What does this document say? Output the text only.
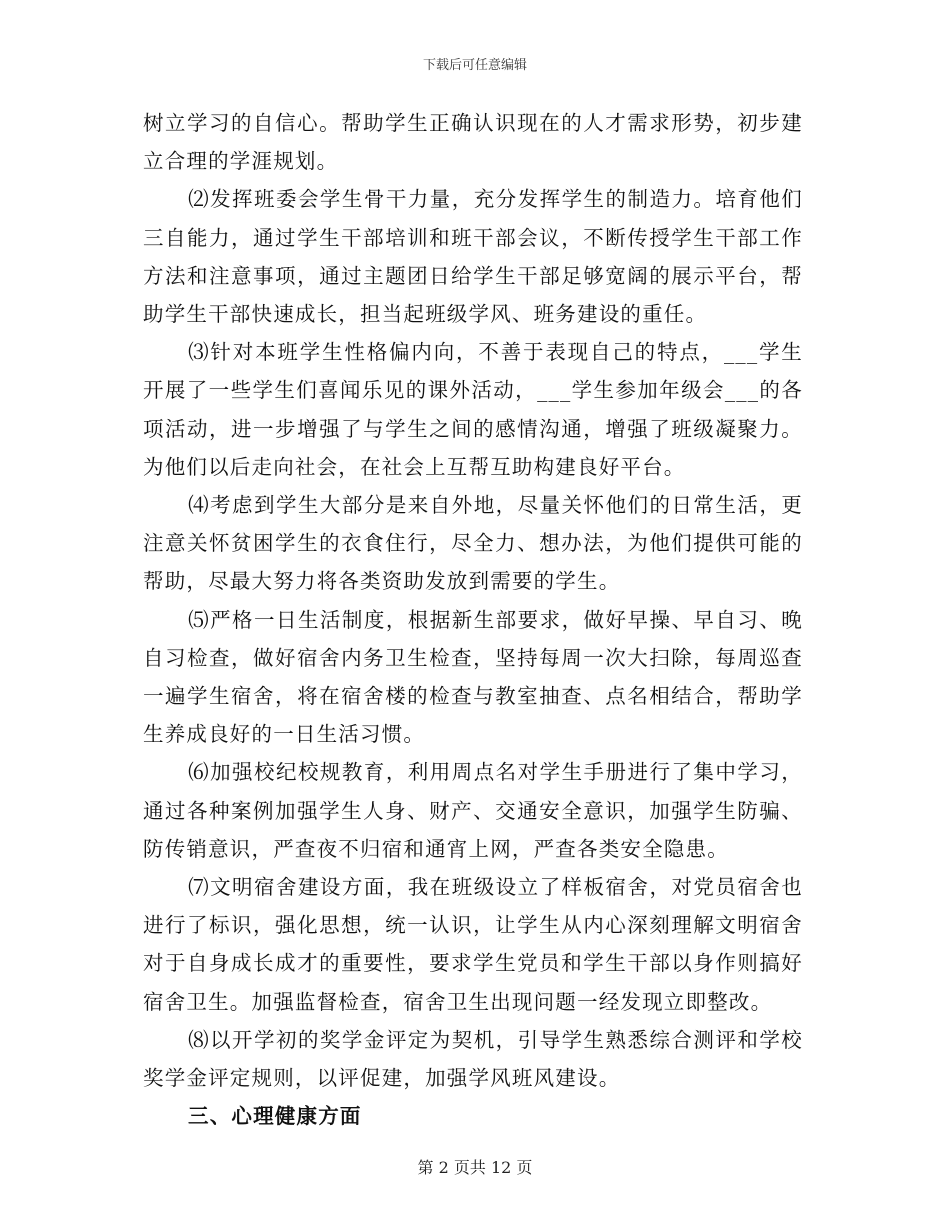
下载后可任意编辑

树立学习的自信心。帮助学生正确认识现在的人才需求形势，初步建立合理的学涯规划。

⑵发挥班委会学生骨干力量，充分发挥学生的制造力。培育他们三自能力，通过学生干部培训和班干部会议，不断传授学生干部工作方法和注意事项，通过主题团日给学生干部足够宽阔的展示平台，帮助学生干部快速成长，担当起班级学风、班务建设的重任。

⑶针对本班学生性格偏内向，不善于表现自己的特点，___学生开展了一些学生们喜闻乐见的课外活动，___学生参加年级会___的各项活动，进一步增强了与学生之间的感情沟通，增强了班级凝聚力。为他们以后走向社会，在社会上互帮互助构建良好平台。

⑷考虑到学生大部分是来自外地，尽量关怀他们的日常生活，更注意关怀贫困学生的衣食住行，尽全力、想办法，为他们提供可能的帮助，尽最大努力将各类资助发放到需要的学生。

⑸严格一日生活制度，根据新生部要求，做好早操、早自习、晚自习检查，做好宿舍内务卫生检查，坚持每周一次大扫除，每周巡查一遍学生宿舍，将在宿舍楼的检查与教室抽查、点名相结合，帮助学生养成良好的一日生活习惯。

⑹加强校纪校规教育，利用周点名对学生手册进行了集中学习，通过各种案例加强学生人身、财产、交通安全意识，加强学生防骗、防传销意识，严查夜不归宿和通宵上网，严查各类安全隐患。

⑺文明宿舍建设方面，我在班级设立了样板宿舍，对党员宿舍也进行了标识，强化思想，统一认识，让学生从内心深刻理解文明宿舍对于自身成长成才的重要性，要求学生党员和学生干部以身作则搞好宿舍卫生。加强监督检查，宿舍卫生出现问题一经发现立即整改。

⑻以开学初的奖学金评定为契机，引导学生熟悉综合测评和学校奖学金评定规则，以评促建，加强学风班风建设。

三、心理健康方面

第 2 页共 12 页
